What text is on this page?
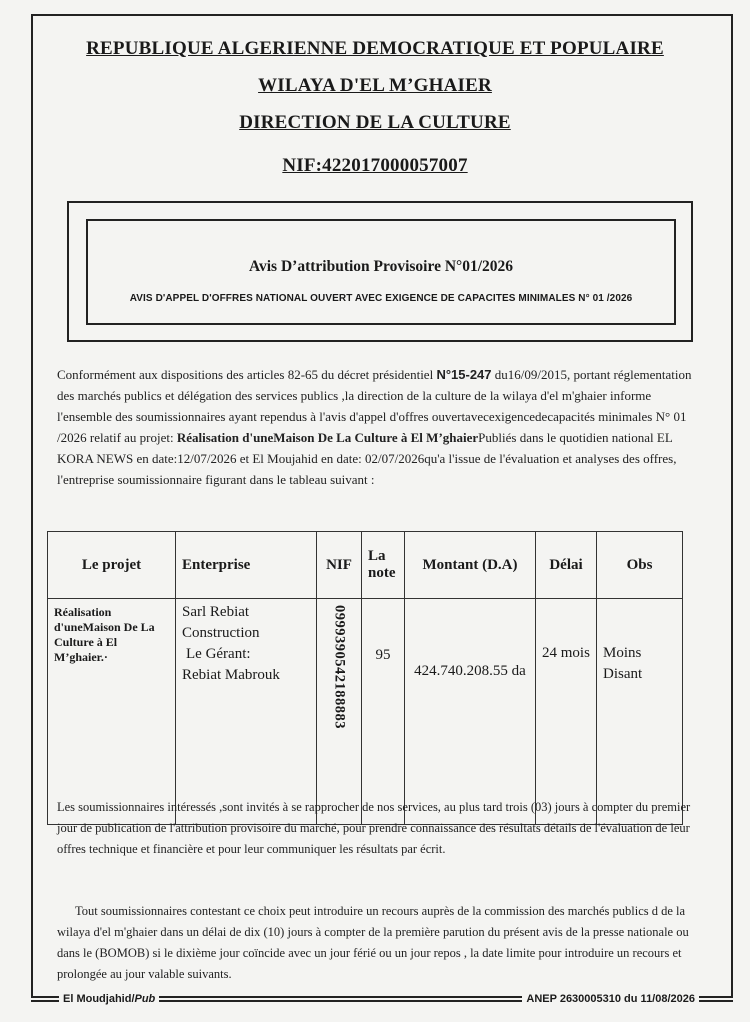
REPUBLIQUE ALGERIENNE DEMOCRATIQUE ET POPULAIRE
WILAYA D'EL M’GHAIER
DIRECTION DE LA CULTURE
NIF:422017000057007
Avis D’attribution Provisoire N°01/2026
AVIS D'APPEL D'OFFRES NATIONAL OUVERT AVEC EXIGENCE DE CAPACITES MINIMALES N° 01 /2026
Conformément aux dispositions des articles 82-65 du décret présidentiel N°15-247 du16/09/2015, portant réglementation des marchés publics et délégation des services publics ,la direction de la culture de la wilaya d'el m'ghaier informe l'ensemble des soumissionnaires ayant rependus à l'avis d'appel d'offres ouvertavecexigencedecapacités minimales N° 01 /2026 relatif au projet: Réalisation d'uneMaison De La Culture à El M’ghaierPubliés dans le quotidien national EL KORA NEWS en date:12/07/2026 et El Moujahid en date: 02/07/2026qu'a l'issue de l'évaluation et analyses des offres, l'entreprise soumissionnaire figurant dans le tableau suivant :
Le projet	Enterprise	NIF	La note	Montant (D.A)	Délai	Obs
Réalisation d'uneMaison De La Culture à El M’ghaier.·	Sarl Rebiat Construction
Le Gérant:
Rebiat Mabrouk	0999390542188883	95	424.740.208.55 da	24 mois	Moins Disant
Les soumissionnaires intéressés ,sont invités à se rapprocher de nos services, au plus tard trois (03) jours à compter du premier jour de publication de l'attribution provisoire du marché, pour prendre connaissance des résultats détails de l'évaluation de leur offres technique et financière et pour leur communiquer les résultats par écrit.
Tout soumissionnaires contestant ce choix peut introduire un recours auprès de la commission des marchés publics d de la wilaya d'el m'ghaier dans un délai de dix (10) jours à compter de la première parution du présent avis de la presse nationale ou dans le (BOMOB) si le dixième jour coïncide avec un jour férié ou un jour repos , la date limite pour introduire un recours et prolongée au jour valable suivants.
El Moudjahid/Pub	ANEP 2630005310 du 11/08/2026
